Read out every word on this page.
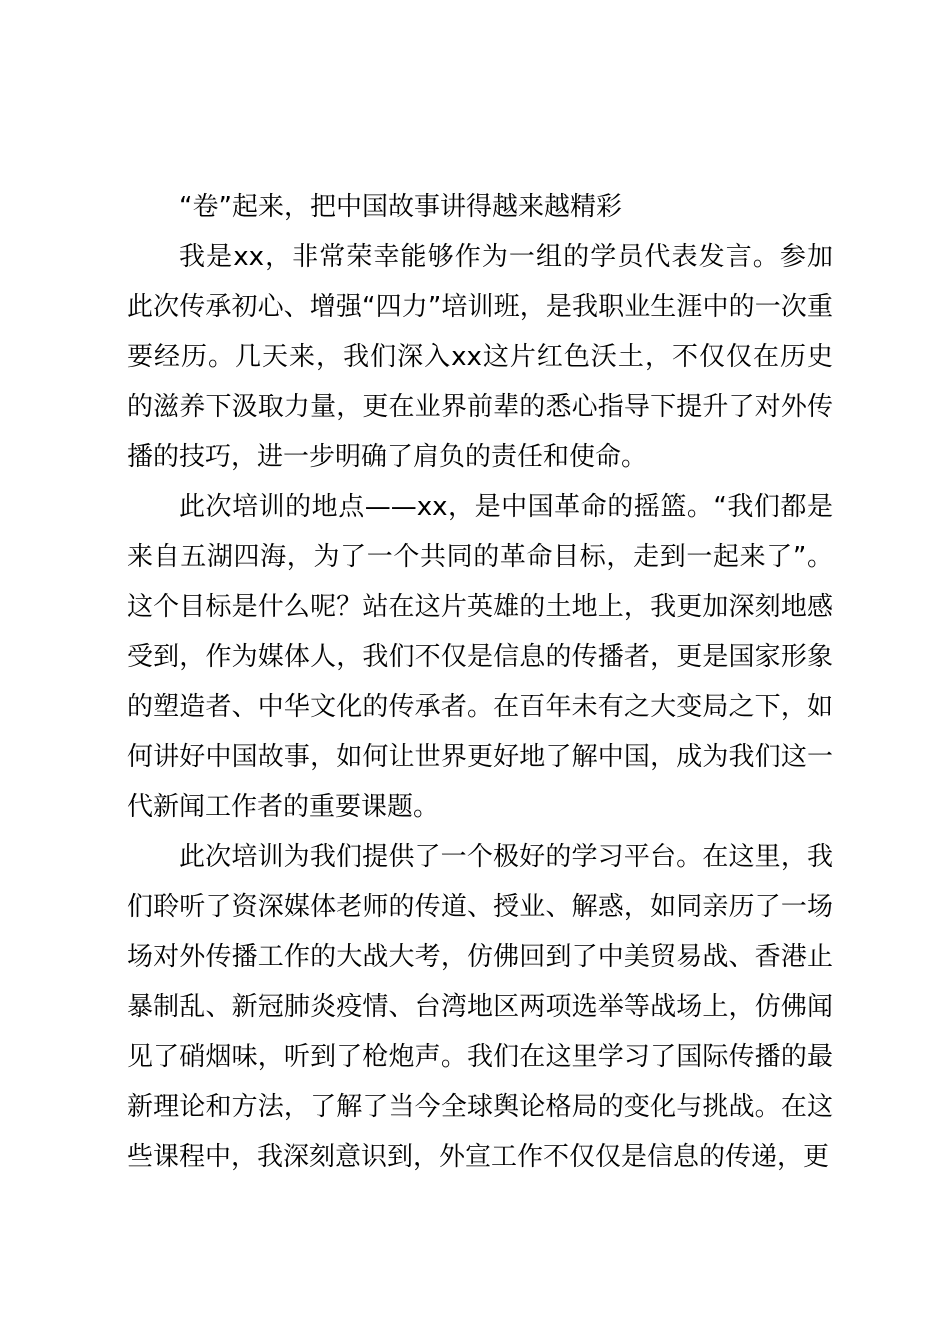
“卷”起来，把中国故事讲得越来越精彩

我是xx，非常荣幸能够作为一组的学员代表发言。参加此次传承初心、增强“四力”培训班，是我职业生涯中的一次重要经历。几天来，我们深入xx这片红色沃土，不仅仅在历史的滋养下汲取力量，更在业界前辈的悉心指导下提升了对外传播的技巧，进一步明确了肩负的责任和使命。

此次培训的地点——xx，是中国革命的摇篮。“我们都是来自五湖四海，为了一个共同的革命目标，走到一起来了”。这个目标是什么呢？站在这片英雄的土地上，我更加深刻地感受到，作为媒体人，我们不仅是信息的传播者，更是国家形象的塑造者、中华文化的传承者。在百年未有之大变局之下，如何讲好中国故事，如何让世界更好地了解中国，成为我们这一代新闻工作者的重要课题。

此次培训为我们提供了一个极好的学习平台。在这里，我们聆听了资深媒体老师的传道、授业、解惑，如同亲历了一场场对外传播工作的大战大考，仿佛回到了中美贸易战、香港止暴制乱、新冠肺炎疫情、台湾地区两项选举等战场上，仿佛闻见了硝烟味，听到了枪炮声。我们在这里学习了国际传播的最新理论和方法，了解了当今全球舆论格局的变化与挑战。在这些课程中，我深刻意识到，外宣工作不仅仅是信息的传递，更
